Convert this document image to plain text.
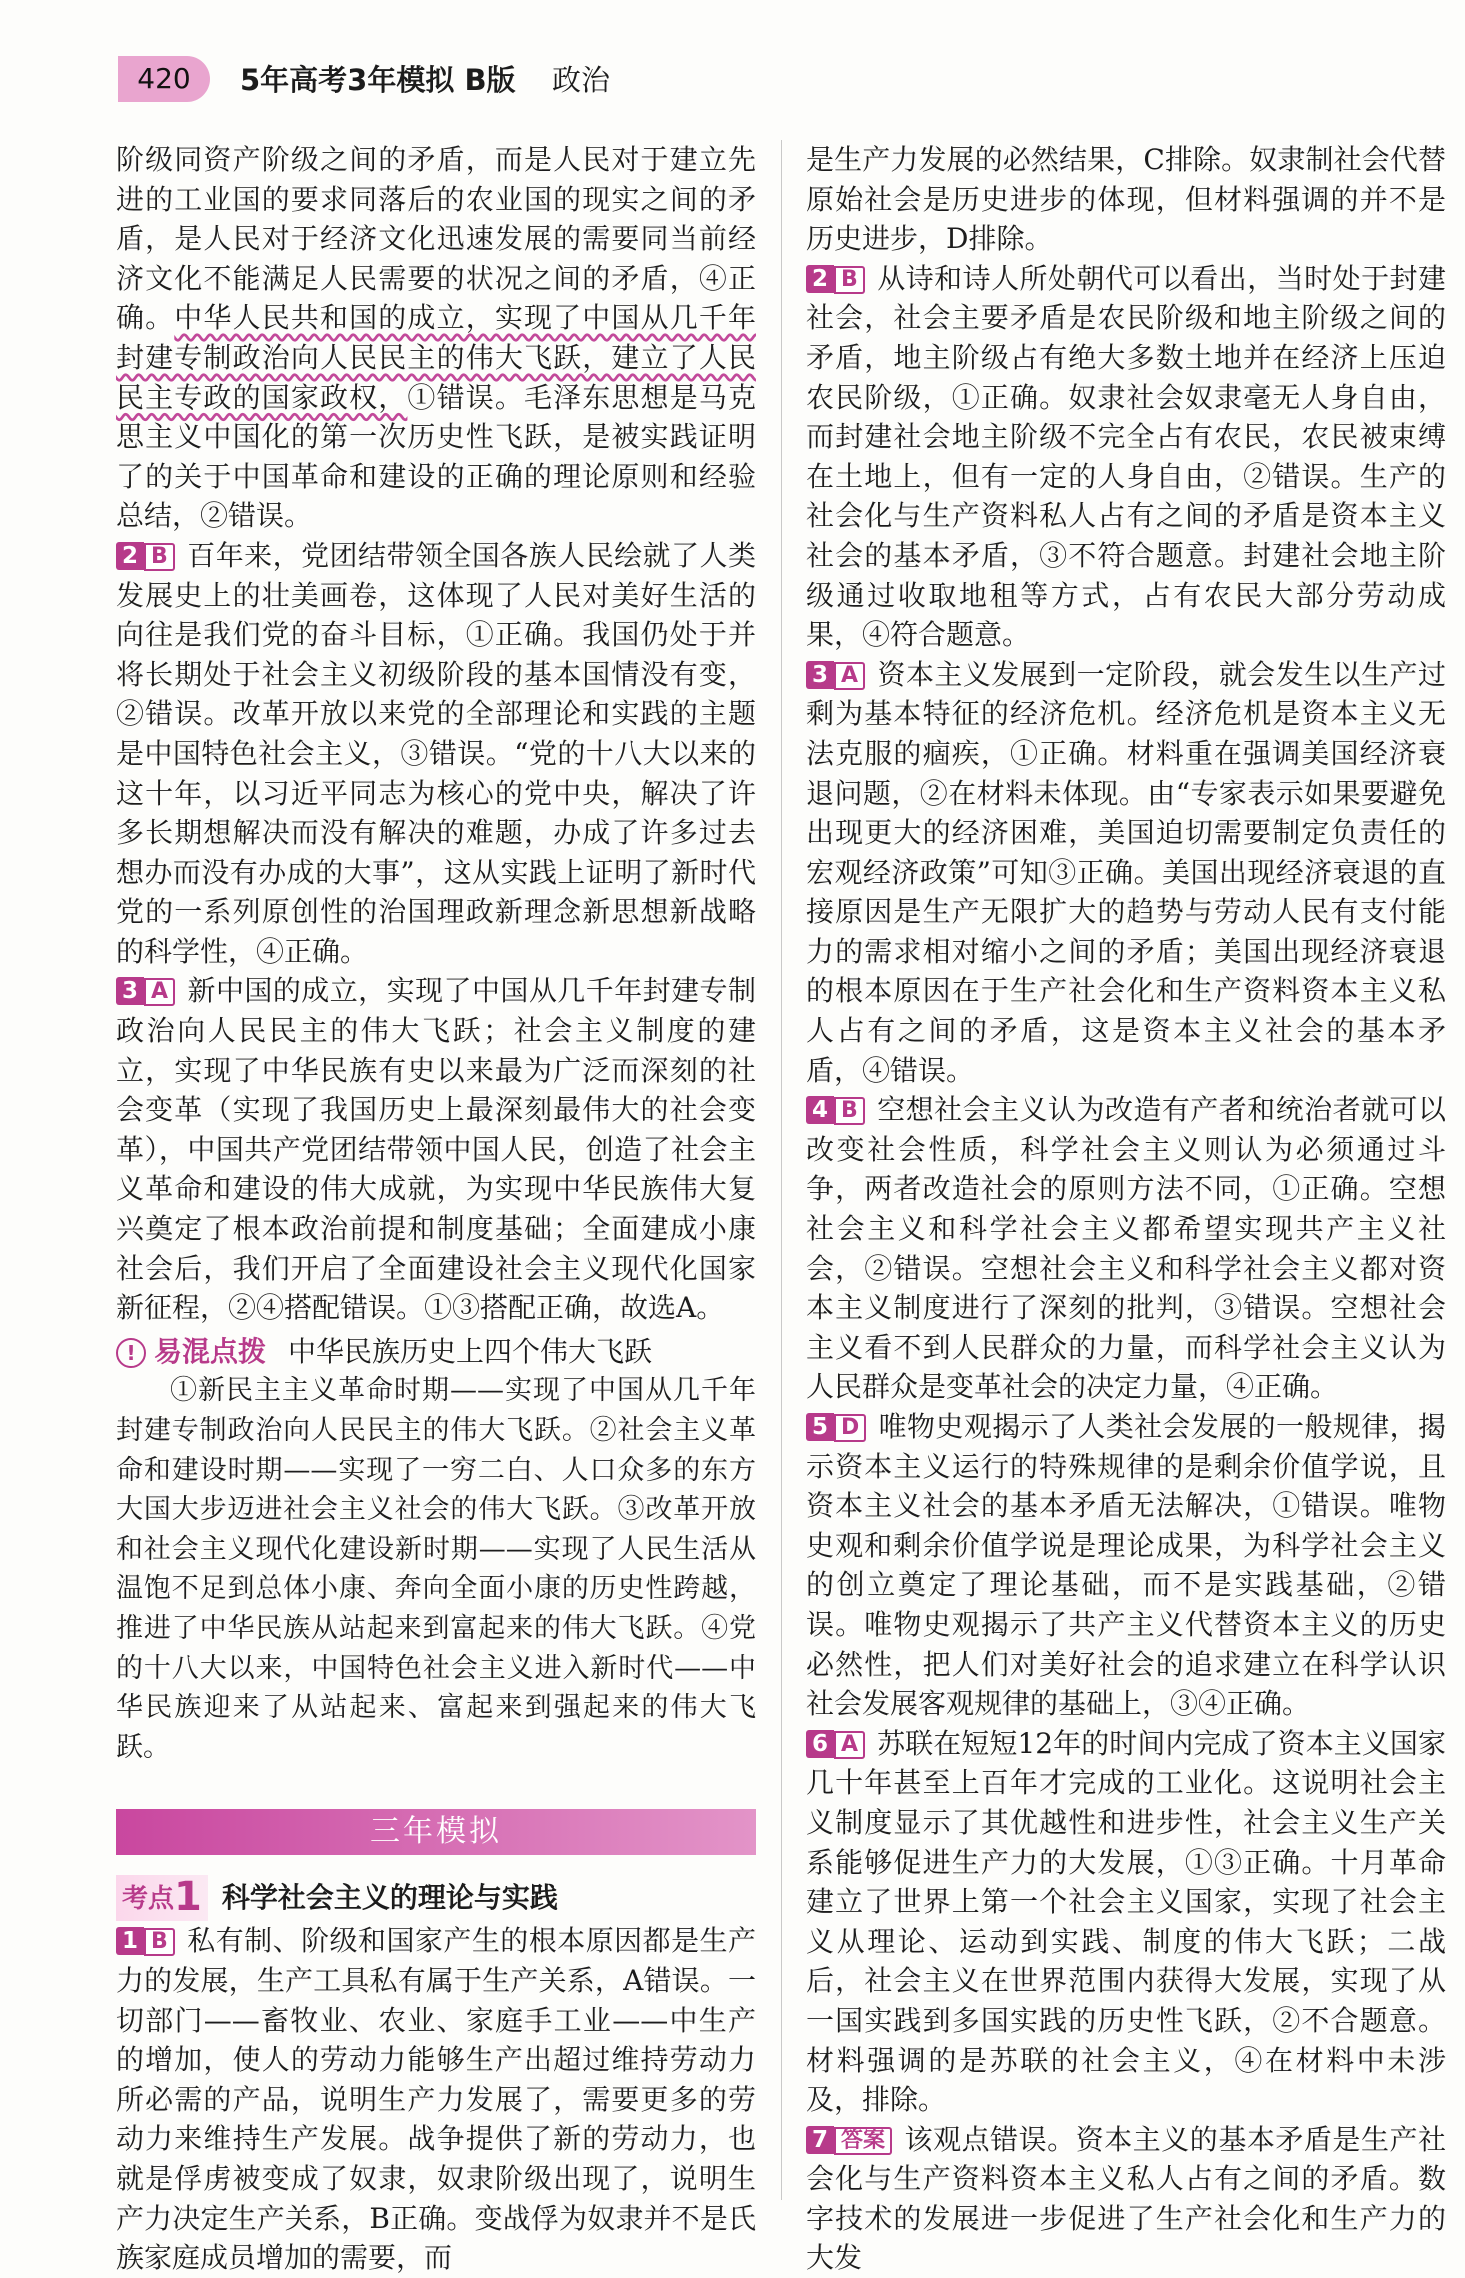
420	5年高考3年模拟 B版 政治

阶级同资产阶级之间的矛盾，而是人民对于建立先进的工业国的要求同落后的农业国的现实之间的矛盾，是人民对于经济文化迅速发展的需要同当前经济文化不能满足人民需要的状况之间的矛盾，④正确。中华人民共和国的成立，实现了中国从几千年封建专制政治向人民民主的伟大飞跃，建立了人民民主专政的国家政权，①错误。毛泽东思想是马克思主义中国化的第一次历史性飞跃，是被实践证明了的关于中国革命和建设的正确的理论原则和经验总结，②错误。

2 B 百年来，党团结带领全国各族人民绘就了人类发展史上的壮美画卷，这体现了人民对美好生活的向往是我们党的奋斗目标，①正确。我国仍处于并将长期处于社会主义初级阶段的基本国情没有变，②错误。改革开放以来党的全部理论和实践的主题是中国特色社会主义，③错误。“党的十八大以来的这十年，以习近平同志为核心的党中央，解决了许多长期想解决而没有解决的难题，办成了许多过去想办而没有办成的大事”，这从实践上证明了新时代党的一系列原创性的治国理政新理念新思想新战略的科学性，④正确。

3 A 新中国的成立，实现了中国从几千年封建专制政治向人民民主的伟大飞跃；社会主义制度的建立，实现了中华民族有史以来最为广泛而深刻的社会变革（实现了我国历史上最深刻最伟大的社会变革），中国共产党团结带领中国人民，创造了社会主义革命和建设的伟大成就，为实现中华民族伟大复兴奠定了根本政治前提和制度基础；全面建成小康社会后，我们开启了全面建设社会主义现代化国家新征程，②④搭配错误。①③搭配正确，故选A。

! 易混点拨 中华民族历史上四个伟大飞跃

①新民主主义革命时期——实现了中国从几千年封建专制政治向人民民主的伟大飞跃。②社会主义革命和建设时期——实现了一穷二白、人口众多的东方大国大步迈进社会主义社会的伟大飞跃。③改革开放和社会主义现代化建设新时期——实现了人民生活从温饱不足到总体小康、奔向全面小康的历史性跨越，推进了中华民族从站起来到富起来的伟大飞跃。④党的十八大以来，中国特色社会主义进入新时代——中华民族迎来了从站起来、富起来到强起来的伟大飞跃。

三年模拟
考点1 科学社会主义的理论与实践

1 B 私有制、阶级和国家产生的根本原因都是生产力的发展，生产工具私有属于生产关系，A错误。一切部门——畜牧业、农业、家庭手工业——中生产的增加，使人的劳动力能够生产出超过维持劳动力所必需的产品，说明生产力发展了，需要更多的劳动力来维持生产发展。战争提供了新的劳动力，也就是俘虏被变成了奴隶，奴隶阶级出现了，说明生产力决定生产关系，B正确。变战俘为奴隶并不是氏族家庭成员增加的需要，而

是生产力发展的必然结果，C排除。奴隶制社会代替原始社会是历史进步的体现，但材料强调的并不是历史进步，D排除。

2 B 从诗和诗人所处朝代可以看出，当时处于封建社会，社会主要矛盾是农民阶级和地主阶级之间的矛盾，地主阶级占有绝大多数土地并在经济上压迫农民阶级，①正确。奴隶社会奴隶毫无人身自由，而封建社会地主阶级不完全占有农民，农民被束缚在土地上，但有一定的人身自由，②错误。生产的社会化与生产资料私人占有之间的矛盾是资本主义社会的基本矛盾，③不符合题意。封建社会地主阶级通过收取地租等方式，占有农民大部分劳动成果，④符合题意。

3 A 资本主义发展到一定阶段，就会发生以生产过剩为基本特征的经济危机。经济危机是资本主义无法克服的痼疾，①正确。材料重在强调美国经济衰退问题，②在材料未体现。由“专家表示如果要避免出现更大的经济困难，美国迫切需要制定负责任的宏观经济政策”可知③正确。美国出现经济衰退的直接原因是生产无限扩大的趋势与劳动人民有支付能力的需求相对缩小之间的矛盾；美国出现经济衰退的根本原因在于生产社会化和生产资料资本主义私人占有之间的矛盾，这是资本主义社会的基本矛盾，④错误。

4 B 空想社会主义认为改造有产者和统治者就可以改变社会性质，科学社会主义则认为必须通过斗争，两者改造社会的原则方法不同，①正确。空想社会主义和科学社会主义都希望实现共产主义社会，②错误。空想社会主义和科学社会主义都对资本主义制度进行了深刻的批判，③错误。空想社会主义看不到人民群众的力量，而科学社会主义认为人民群众是变革社会的决定力量，④正确。

5 D 唯物史观揭示了人类社会发展的一般规律，揭示资本主义运行的特殊规律的是剩余价值学说，且资本主义社会的基本矛盾无法解决，①错误。唯物史观和剩余价值学说是理论成果，为科学社会主义的创立奠定了理论基础，而不是实践基础，②错误。唯物史观揭示了共产主义代替资本主义的历史必然性，把人们对美好社会的追求建立在科学认识社会发展客观规律的基础上，③④正确。

6 A 苏联在短短12年的时间内完成了资本主义国家几十年甚至上百年才完成的工业化。这说明社会主义制度显示了其优越性和进步性，社会主义生产关系能够促进生产力的大发展，①③正确。十月革命建立了世界上第一个社会主义国家，实现了社会主义从理论、运动到实践、制度的伟大飞跃；二战后，社会主义在世界范围内获得大发展，实现了从一国实践到多国实践的历史性飞跃，②不合题意。材料强调的是苏联的社会主义，④在材料中未涉及，排除。

7 答案 该观点错误。资本主义的基本矛盾是生产社会化与生产资料资本主义私人占有之间的矛盾。数字技术的发展进一步促进了生产社会化和生产力的大发
